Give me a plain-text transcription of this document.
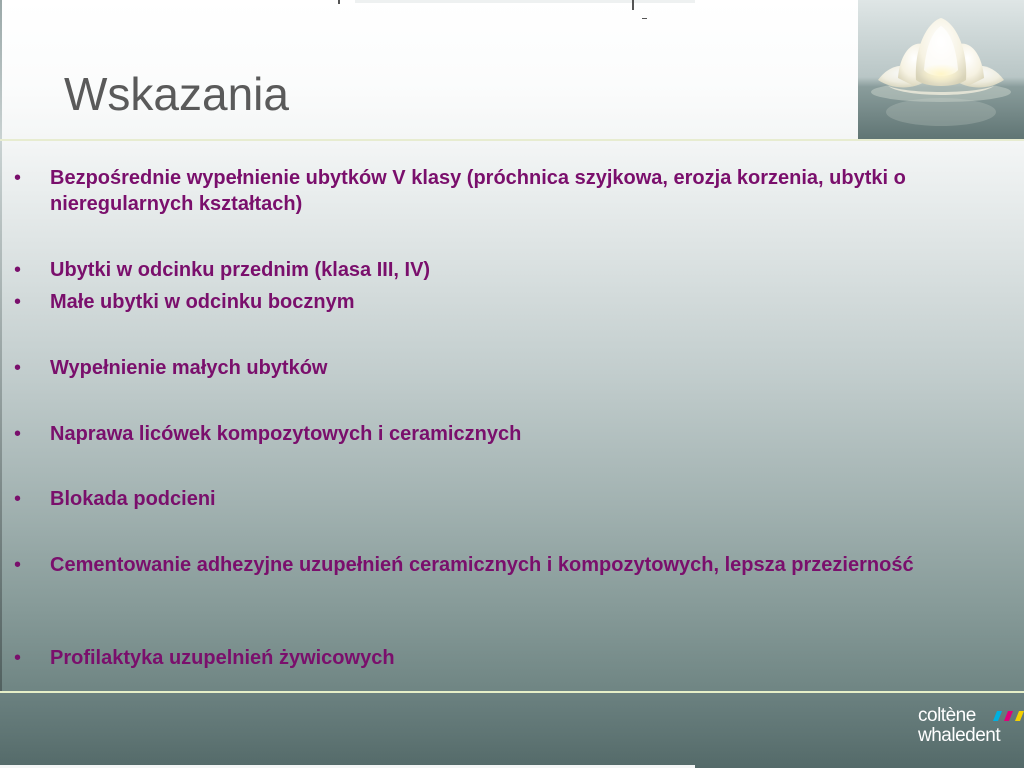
Wskazania
• Bezpośrednie wypełnienie ubytków V klasy (próchnica szyjkowa, erozja korzenia, ubytki o nieregularnych kształtach)
• Ubytki w odcinku przednim (klasa III, IV)
• Małe ubytki w odcinku bocznym
• Wypełnienie małych ubytków
• Naprawa licówek kompozytowych i ceramicznych
• Blokada podcieni
• Cementowanie adhezyjne uzupełnień ceramicznych i kompozytowych, lepsza przezierność
• Profilaktyka uzupelnień żywicowych
coltène
whaledent
